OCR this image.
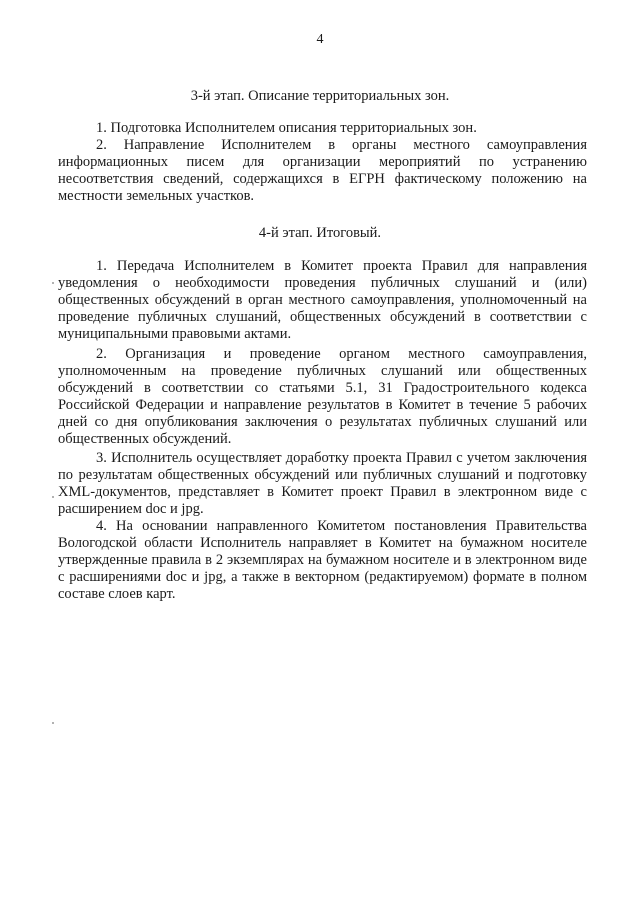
4
3-й этап. Описание территориальных зон.

1. Подготовка Исполнителем описания территориальных зон.

2. Направление Исполнителем в органы местного самоуправления информационных писем для организации мероприятий по устранению несоответствия сведений, содержащихся в ЕГРН фактическому положению на местности земельных участков.

4-й этап. Итоговый.

1. Передача Исполнителем в Комитет проекта Правил для направления уведомления о необходимости проведения публичных слушаний и (или) общественных обсуждений в орган местного самоуправления, уполномоченный на проведение публичных слушаний, общественных обсуждений в соответствии с муниципальными правовыми актами.

2. Организация и проведение органом местного самоуправления, уполномоченным на проведение публичных слушаний или общественных обсуждений в соответствии со статьями 5.1, 31 Градостроительного кодекса Российской Федерации и направление результатов в Комитет в течение 5 рабочих дней со дня опубликования заключения о результатах публичных слушаний или общественных обсуждений.

3. Исполнитель осуществляет доработку проекта Правил с учетом заключения по результатам общественных обсуждений или публичных слушаний и подготовку XML-документов, представляет в Комитет проект Правил в электронном виде с расширением doc и jpg.

4. На основании направленного Комитетом постановления Правительства Вологодской области Исполнитель направляет в Комитет на бумажном носителе утвержденные правила в 2 экземплярах на бумажном носителе и в электронном виде с расширениями doc и jpg, а также в векторном (редактируемом) формате в полном составе слоев карт.
